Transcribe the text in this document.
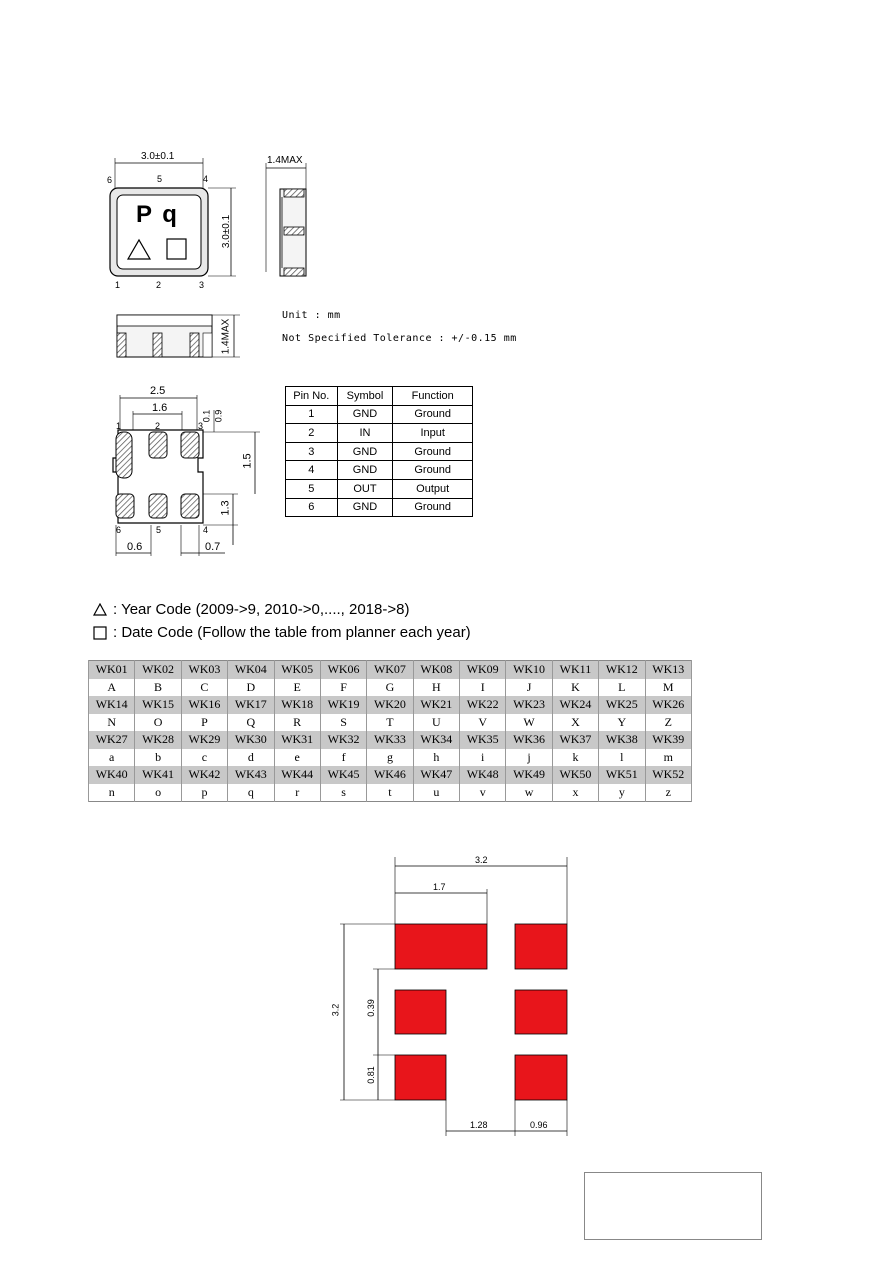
3.0±0.1
3.0±0.1
P q
6	5	4
1	2	3
1.4MAX
1.4MAX
Unit : mm
Not Specified Tolerance : +/-0.15 mm
2.5
1.6
0.1 0.9
1.5
1.3
0.6	0.7
1	2	3
6	5	4
Pin No.	Symbol	Function
1	GND	Ground
2	IN	Input
3	GND	Ground
4	GND	Ground
5	OUT	Output
6	GND	Ground
: Year Code (2009->9, 2010->0,...., 2018->8)
: Date Code (Follow the table from planner each year)
WK01	WK02	WK03	WK04	WK05	WK06	WK07	WK08	WK09	WK10	WK11	WK12	WK13
A	B	C	D	E	F	G	H	I	J	K	L	M
WK14	WK15	WK16	WK17	WK18	WK19	WK20	WK21	WK22	WK23	WK24	WK25	WK26
N	O	P	Q	R	S	T	U	V	W	X	Y	Z
WK27	WK28	WK29	WK30	WK31	WK32	WK33	WK34	WK35	WK36	WK37	WK38	WK39
a	b	c	d	e	f	g	h	i	j	k	l	m
WK40	WK41	WK42	WK43	WK44	WK45	WK46	WK47	WK48	WK49	WK50	WK51	WK52
n	o	p	q	r	s	t	u	v	w	x	y	z
3.2
1.7
3.2	0.39
0.81
1.28	0.96
